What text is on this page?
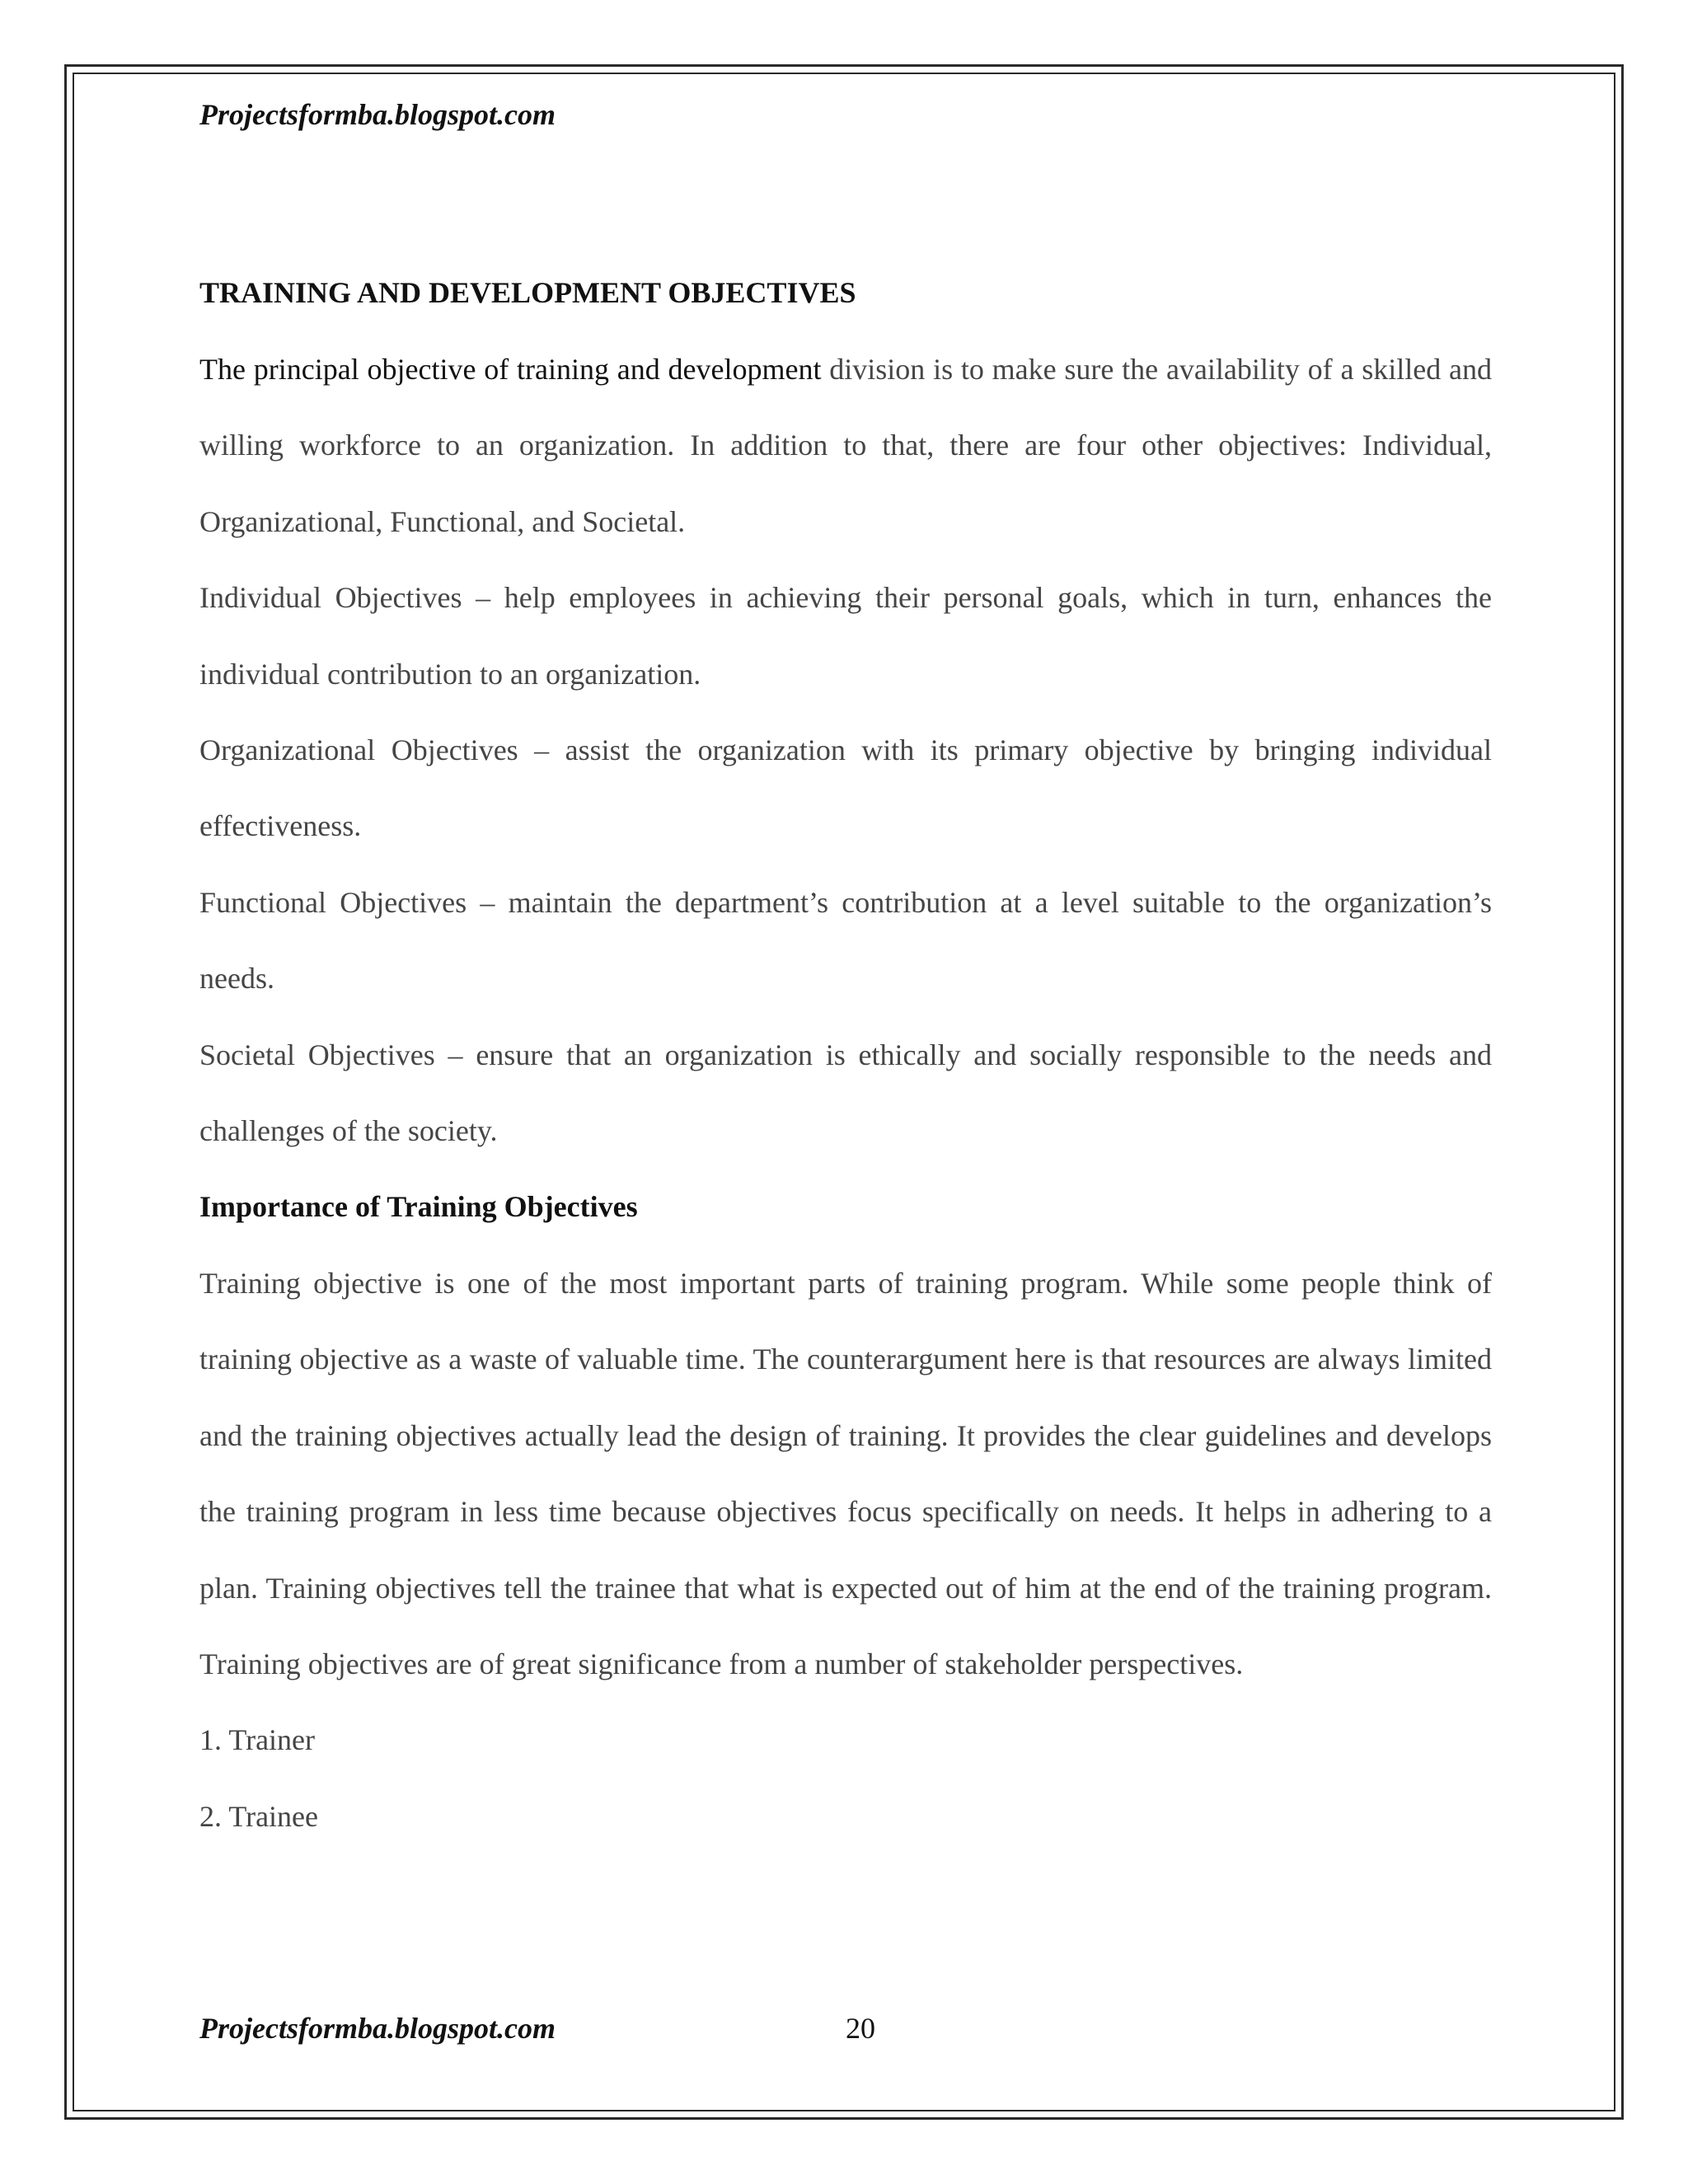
Projectsformba.blogspot.com
TRAINING AND DEVELOPMENT OBJECTIVES

The principal objective of training and development division is to make sure the availability of a skilled and willing workforce to an organization. In addition to that, there are four other objectives: Individual, Organizational, Functional, and Societal.

Individual Objectives – help employees in achieving their personal goals, which in turn, enhances the individual contribution to an organization.

Organizational Objectives – assist the organization with its primary objective by bringing individual effectiveness.

Functional Objectives – maintain the department’s contribution at a level suitable to the organization’s needs.

Societal Objectives – ensure that an organization is ethically and socially responsible to the needs and challenges of the society.

Importance of Training Objectives

Training objective is one of the most important parts of training program. While some people think of training objective as a waste of valuable time. The counterargument here is that resources are always limited and the training objectives actually lead the design of training. It provides the clear guidelines and develops the training program in less time because objectives focus specifically on needs. It helps in adhering to a plan. Training objectives tell the trainee that what is expected out of him at the end of the training program. Training objectives are of great significance from a number of stakeholder perspectives.

1. Trainer

2. Trainee

Projectsformba.blogspot.com	20
